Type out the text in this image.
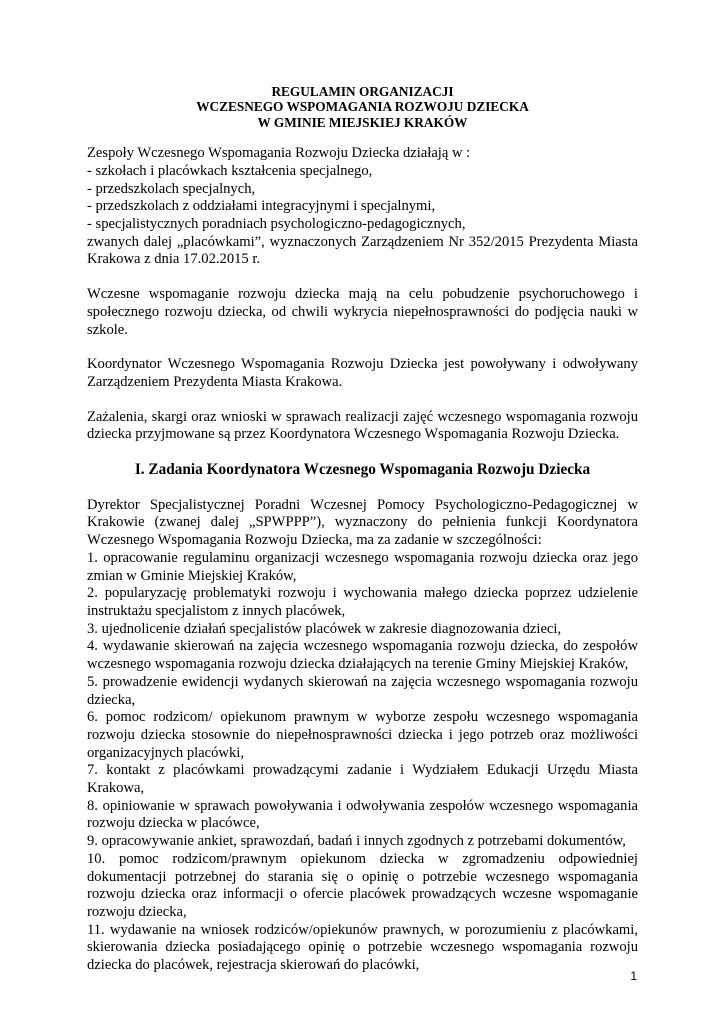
REGULAMIN ORGANIZACJI
WCZESNEGO WSPOMAGANIA ROZWOJU DZIECKA
W GMINIE MIEJSKIEJ KRAKÓW

Zespoły Wczesnego Wspomagania Rozwoju Dziecka działają w :

- szkołach i placówkach kształcenia specjalnego,

- przedszkolach specjalnych,

- przedszkolach z oddziałami integracyjnymi i specjalnymi,

- specjalistycznych poradniach psychologiczno-pedagogicznych,

zwanych dalej „placówkami”, wyznaczonych Zarządzeniem Nr 352/2015 Prezydenta Miasta Krakowa z dnia 17.02.2015 r.

Wczesne wspomaganie rozwoju dziecka mają na celu pobudzenie psychoruchowego i społecznego rozwoju dziecka, od chwili wykrycia niepełnosprawności do podjęcia nauki w szkole.

Koordynator Wczesnego Wspomagania Rozwoju Dziecka jest powoływany i odwoływany Zarządzeniem Prezydenta Miasta Krakowa.

Zażalenia, skargi oraz wnioski w sprawach realizacji zajęć wczesnego wspomagania rozwoju dziecka przyjmowane są przez Koordynatora Wczesnego Wspomagania Rozwoju Dziecka.

I. Zadania Koordynatora Wczesnego Wspomagania Rozwoju Dziecka

Dyrektor Specjalistycznej Poradni Wczesnej Pomocy Psychologiczno-Pedagogicznej w Krakowie (zwanej dalej „SPWPPP”), wyznaczony do pełnienia funkcji Koordynatora Wczesnego Wspomagania Rozwoju Dziecka, ma za zadanie w szczególności:

1. opracowanie regulaminu organizacji wczesnego wspomagania rozwoju dziecka oraz jego zmian w Gminie Miejskiej Kraków,

2. popularyzację problematyki rozwoju i wychowania małego dziecka poprzez udzielenie instruktażu specjalistom z innych placówek,

3. ujednolicenie działań specjalistów placówek w zakresie diagnozowania dzieci,

4. wydawanie skierowań na zajęcia wczesnego wspomagania rozwoju dziecka, do zespołów wczesnego wspomagania rozwoju dziecka działających na terenie Gminy Miejskiej Kraków,

5. prowadzenie ewidencji wydanych skierowań na zajęcia wczesnego wspomagania rozwoju dziecka,

6. pomoc rodzicom/ opiekunom prawnym w wyborze zespołu wczesnego wspomagania rozwoju dziecka stosownie do niepełnosprawności dziecka i jego potrzeb oraz możliwości organizacyjnych placówki,

7. kontakt z placówkami prowadzącymi zadanie i Wydziałem Edukacji Urzędu Miasta Krakowa,

8. opiniowanie w sprawach powoływania i odwoływania zespołów wczesnego wspomagania rozwoju dziecka w placówce,

9. opracowywanie ankiet, sprawozdań, badań i innych zgodnych z potrzebami dokumentów,

10. pomoc rodzicom/prawnym opiekunom dziecka w zgromadzeniu odpowiedniej dokumentacji potrzebnej do starania się o opinię o potrzebie wczesnego wspomagania rozwoju dziecka oraz informacji o ofercie placówek prowadzących wczesne wspomaganie rozwoju dziecka,

11. wydawanie na wniosek rodziców/opiekunów prawnych, w porozumieniu z placówkami, skierowania dziecka posiadającego opinię o potrzebie wczesnego wspomagania rozwoju dziecka do placówek, rejestracja skierowań do placówki,

1
